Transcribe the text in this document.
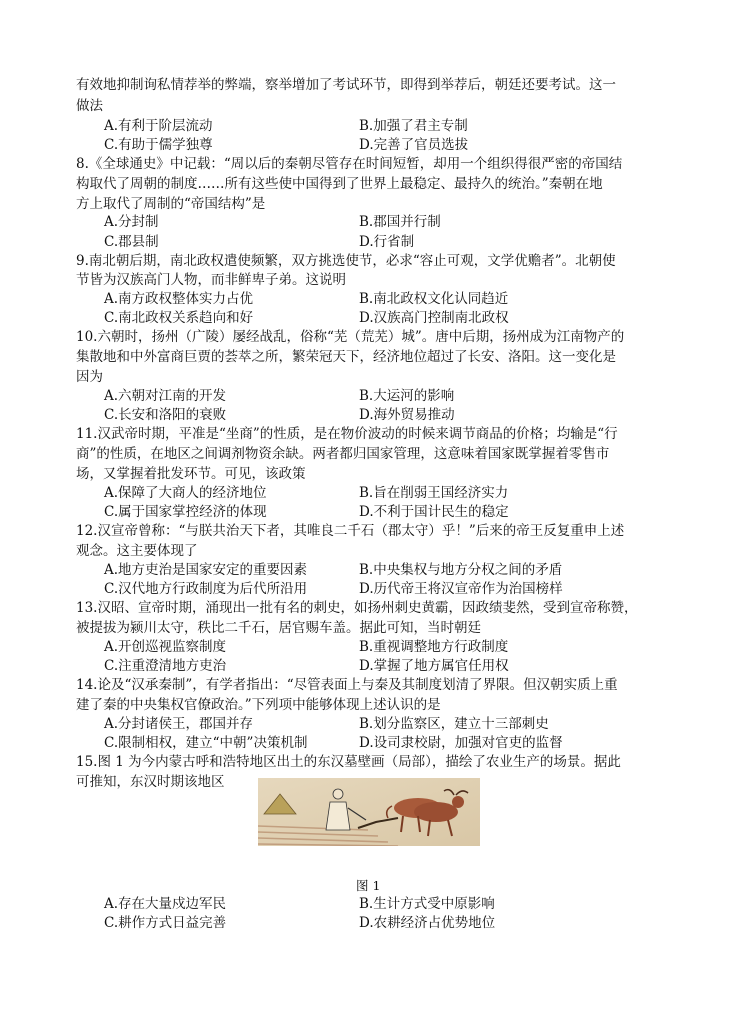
有效地抑制询私情荐举的弊端，察举增加了考试环节，即得到举荐后，朝廷还要考试。这一
做法
A.有利于阶层流动	B.加强了君主专制
C.有助于儒学独尊	D.完善了官员选拔
8.《全球通史》中记载：“周以后的秦朝尽管存在时间短暂，却用一个组织得很严密的帝国结
构取代了周朝的制度……所有这些使中国得到了世界上最稳定、最持久的统治。”秦朝在地
方上取代了周制的“帝国结构”是
A.分封制	B.郡国并行制
C.郡县制	D.行省制
9.南北朝后期，南北政权遣使频繁，双方挑选使节，必求“容止可观，文学优赡者”。北朝使
节皆为汉族高门人物，而非鲜卑子弟。这说明
A.南方政权整体实力占优	B.南北政权文化认同趋近
C.南北政权关系趋向和好	D.汉族高门控制南北政权
10.六朝时，扬州（广陵）屡经战乱，俗称“芜（荒芜）城”。唐中后期，扬州成为江南物产的
集散地和中外富商巨贾的荟萃之所，繁荣冠天下，经济地位超过了长安、洛阳。这一变化是
因为
A.六朝对江南的开发	B.大运河的影响
C.长安和洛阳的衰败	D.海外贸易推动
11.汉武帝时期，平准是“坐商”的性质，是在物价波动的时候来调节商品的价格；均输是“行
商”的性质，在地区之间调剂物资余缺。两者都归国家管理，这意味着国家既掌握着零售市
场，又掌握着批发环节。可见，该政策
A.保障了大商人的经济地位	B.旨在削弱王国经济实力
C.属于国家掌控经济的体现	D.不利于国计民生的稳定
12.汉宣帝曾称：“与朕共治天下者，其唯良二千石（郡太守）乎！”后来的帝王反复重申上述
观念。这主要体现了
A.地方吏治是国家安定的重要因素	B.中央集权与地方分权之间的矛盾
C.汉代地方行政制度为后代所沿用	D.历代帝王将汉宣帝作为治国榜样
13.汉昭、宣帝时期，涌现出一批有名的刺史，如扬州刺史黄霸，因政绩斐然，受到宣帝称赞，
被提拔为颍川太守，秩比二千石，居官赐车盖。据此可知，当时朝廷
A.开创巡视监察制度	B.重视调整地方行政制度
C.注重澄清地方吏治	D.掌握了地方属官任用权
14.论及“汉承秦制”，有学者指出：“尽管表面上与秦及其制度划清了界限。但汉朝实质上重
建了秦的中央集权官僚政治。”下列项中能够体现上述认识的是
A.分封诸侯王，郡国并存	B.划分监察区，建立十三部刺史
C.限制相权，建立“中朝”决策机制	D.设司隶校尉，加强对官吏的监督
15.图 1 为今内蒙古呼和浩特地区出土的东汉墓壁画（局部），描绘了农业生产的场景。据此
可推知，东汉时期该地区
图 1
A.存在大量戍边军民	B.生计方式受中原影响
C.耕作方式日益完善	D.农耕经济占优势地位
